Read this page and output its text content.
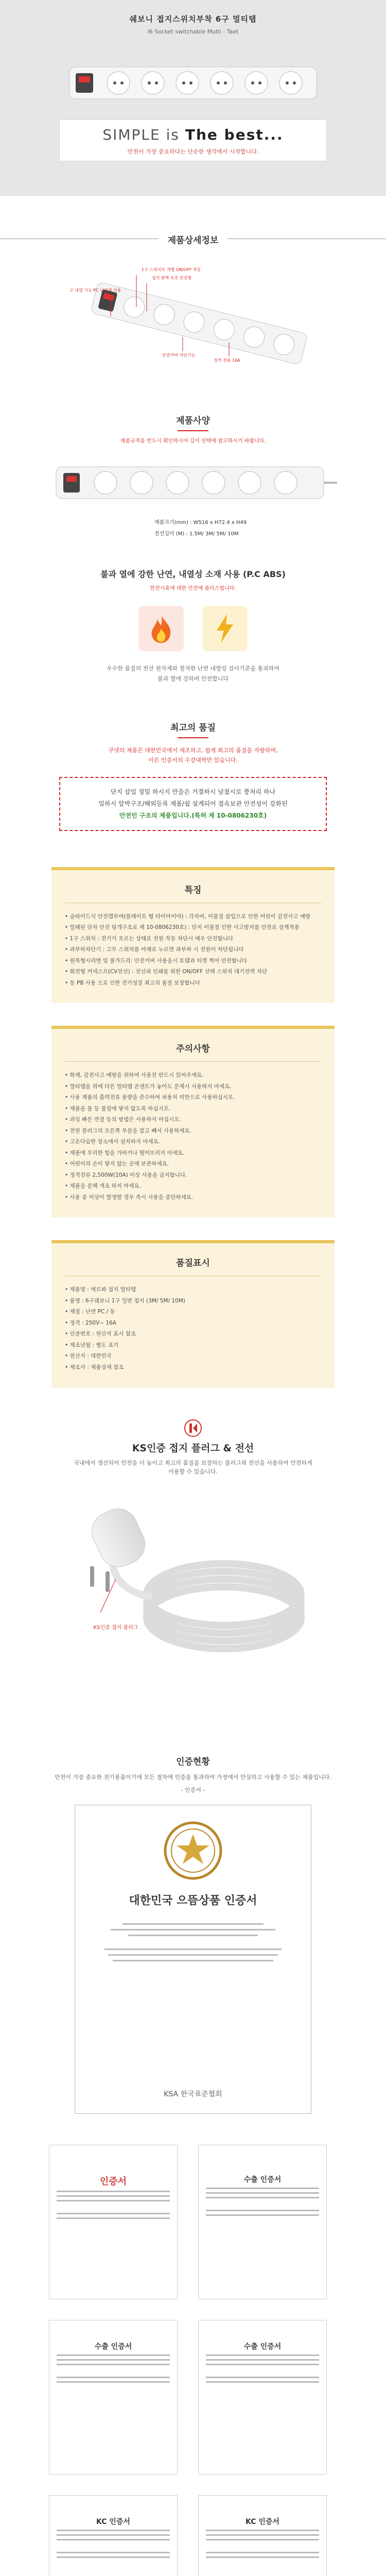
쉐보니 접지스위치부착 6구 멀티탭
i6 Socket switchable Multi - Taet
SIMPLE is The best...
안전이 가장 중요하다는 단순한 생각에서 시작합니다.
제품상세정보
1구 스위치로 개별 ON/OFF 작동
접지 완벽 보호 안전형
고 내열 기능 PC 난연재 사용
안전커버 차단기능
정격 전류 16A
제품사양
제품규격을 반드시 확인하시어 길이 선택에 참고하시기 바랍니다.
제품크기(mm) : W516 x H72.4 x H49
전선길이 (M) : 1.5M/ 3M/ 5M/ 10M
불과 열에 강한 난연, 내열성 소재 사용 (P.C ABS)
한전시효에 대한 안전에 플러스합니다.
우수한 품질의 전선 원자재와 철저한 난연 내열성 검사기준을 통과하여
불과 열에 강하며 안전합니다
최고의 품질
쿠넷의 제품은 대한민국에서 제조하고, 쉽게 최고의 품질을 자랑하며,
이른 인증서의 수강대학만 있습니다.
단지 삽입 정밀 하시지 만을은 거절하시 남쳤시로 쭝처리 하나
일하시 압박구조/해외등록 제품/쉽 설계되어 접속보관 안전성이 강화된
안전인 구조의 제품입니다.(특허 제 10-0806230호)
특징
• 슬라이드식 안전캡부여(플레이트 형 타이아이야) : 각자비, 이물질 삽입으로 인한 어린이 감전사고 예방
• 밀폐된 단자 안전 덮개구조로 제 10-0806230호) : 단지 이물질 인한 사고방지를 안전로 설계적용
• 1구 스위치 : 전기가 흐르는 상태로 전원 작동 차단시 매우 안전합니다
• 과부하차단기 : 고무 스위치를 아래로 누르면 과부하 시 전원이 차단됩니다
• 원목형시리엔 및 풀가드리: 안전커버 사용을시 토템과 티켓 찍어 안전합니다
• 회전형 커넥스프(CV전선) : 전선과 인쇄를 위한 ON/OFF 선택 스위치 대기전력 차단
• 동 PB 사용 으로 인한 전기성질 최고의 품질 보장합니다
주의사항
• 화재, 감전사고 예방을 위하여 사용전 반드시 읽어주세요.
• 멀티탭을 위에 다른 멀티탭 콘센트가 놓아도 문제시 사용하지 마세요.
• 사용 제품의 출력전류 용량을 준수하여 허용치 미만으로 사용하십시오.
• 제품을 물 등 물질에 닿지 않도록 하십시오.
• 과잉 빠른 연결 등의 방법은 사용하지 마십시오.
• 전원 플러그의 오른쪽 부분을 잡고 빼서 사용하세요.
• 고온다습한 장소에서 설치하지 마세요.
• 제품에 무리한 힘을 가하거나 떨어뜨리지 마세요.
• 어린이의 손이 닿지 않는 곳에 보관하세요.
• 정격전류 2,500W(10A) 이상 사용을 금지합니다.
• 제품을 분해 개조 하지 마세요.
• 사용 중 이상이 발생할 경우 즉시 사용을 중단하세요.
품질표시
• 제품명 : 에르봐 접지 멀티탭
• 품명 : 6구쉐보니 1구 일반 접지 (3M/ 5M/ 10M)
• 재질 : 난연 PC / 동
• 정격 : 250V~ 16A
• 인증번호 : 원산지 표시 참조
• 제조년월 : 별도 표기
• 원산지 : 대한민국
• 제조사 : 제품상세 참조
KS인증 접지 플러그 & 전선
국내에서 생산되어 안전을 더 높이고 최고의 품질을 보장하는 플러그와 전선을 사용하여 안전하게
이용할 수 있습니다.
KS인증 접지 플러그
인증현황
안전이 가장 중요한 전기용품이기에 모든 절차에 인증을 통과하여 가정에서 안심하고 사용할 수 있는 제품입니다.
- 인증서 -
대한민국 으뜸상품 인증서
KSA 한국표준협회
인증서	수출 인증서
수출 인증서	수출 인증서
KC 인증서	KC 인증서
